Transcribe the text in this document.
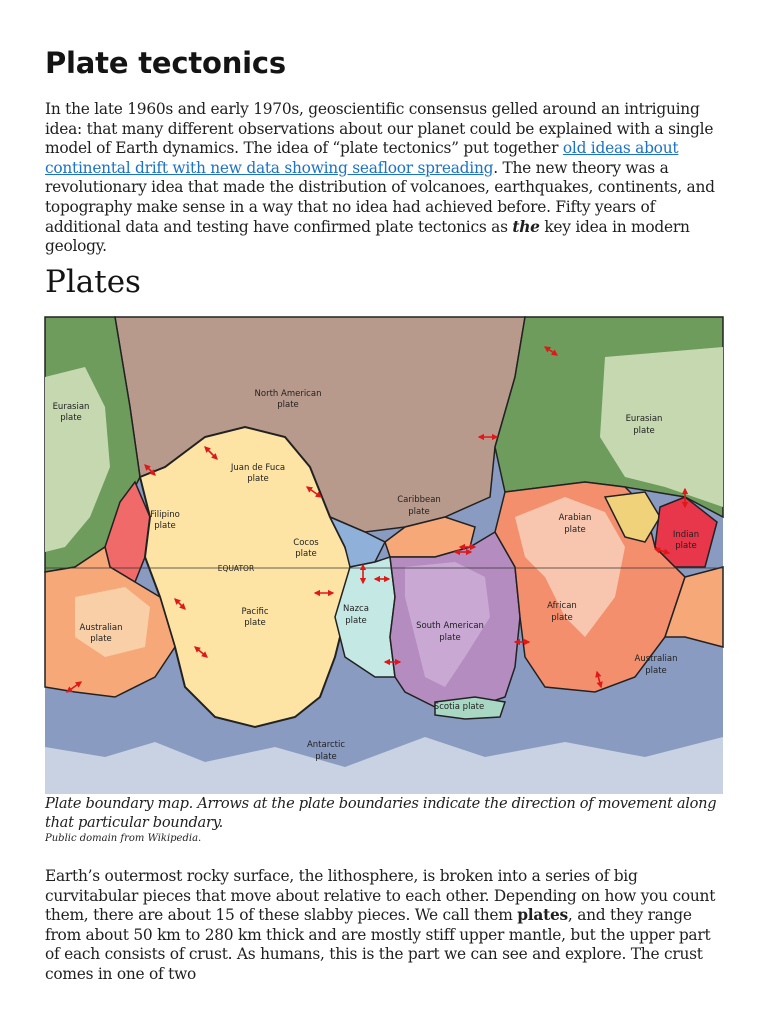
Plate tectonics

In the late 1960s and early 1970s, geoscientific consensus gelled around an intriguing idea: that many different observations about our planet could be explained with a single model of Earth dynamics. The idea of “plate tectonics” put together old ideas about continental drift with new data showing seafloor spreading. The new theory was a revolutionary idea that made the distribution of volcanoes, earthquakes, continents, and topography make sense in a way that no idea had achieved before. Fifty years of additional data and testing have confirmed plate tectonics as the key idea in modern geology.

Plates
Eurasian
plate
North American
plate
Eurasian
plate
Juan de Fuca
plate
Caribbean
plate
Arabian
plate
Filipino
plate
Indian
plate
Cocos
plate
EQUATOR
Pacific
plate
Nazca
plate	South American
plate
African
plate
Australian
plate
Australian
plate
Scotia plate
Antarctic
plate

Plate boundary map. Arrows at the plate boundaries indicate the direction of movement along that particular boundary.

Public domain from Wikipedia.

Earth’s outermost rocky surface, the lithosphere, is broken into a series of big curvitabular pieces that move about relative to each other. Depending on how you count them, there are about 15 of these slabby pieces. We call them plates, and they range from about 50 km to 280 km thick and are mostly stiff upper mantle, but the upper part of each consists of crust. As humans, this is the part we can see and explore. The crust comes in one of two
